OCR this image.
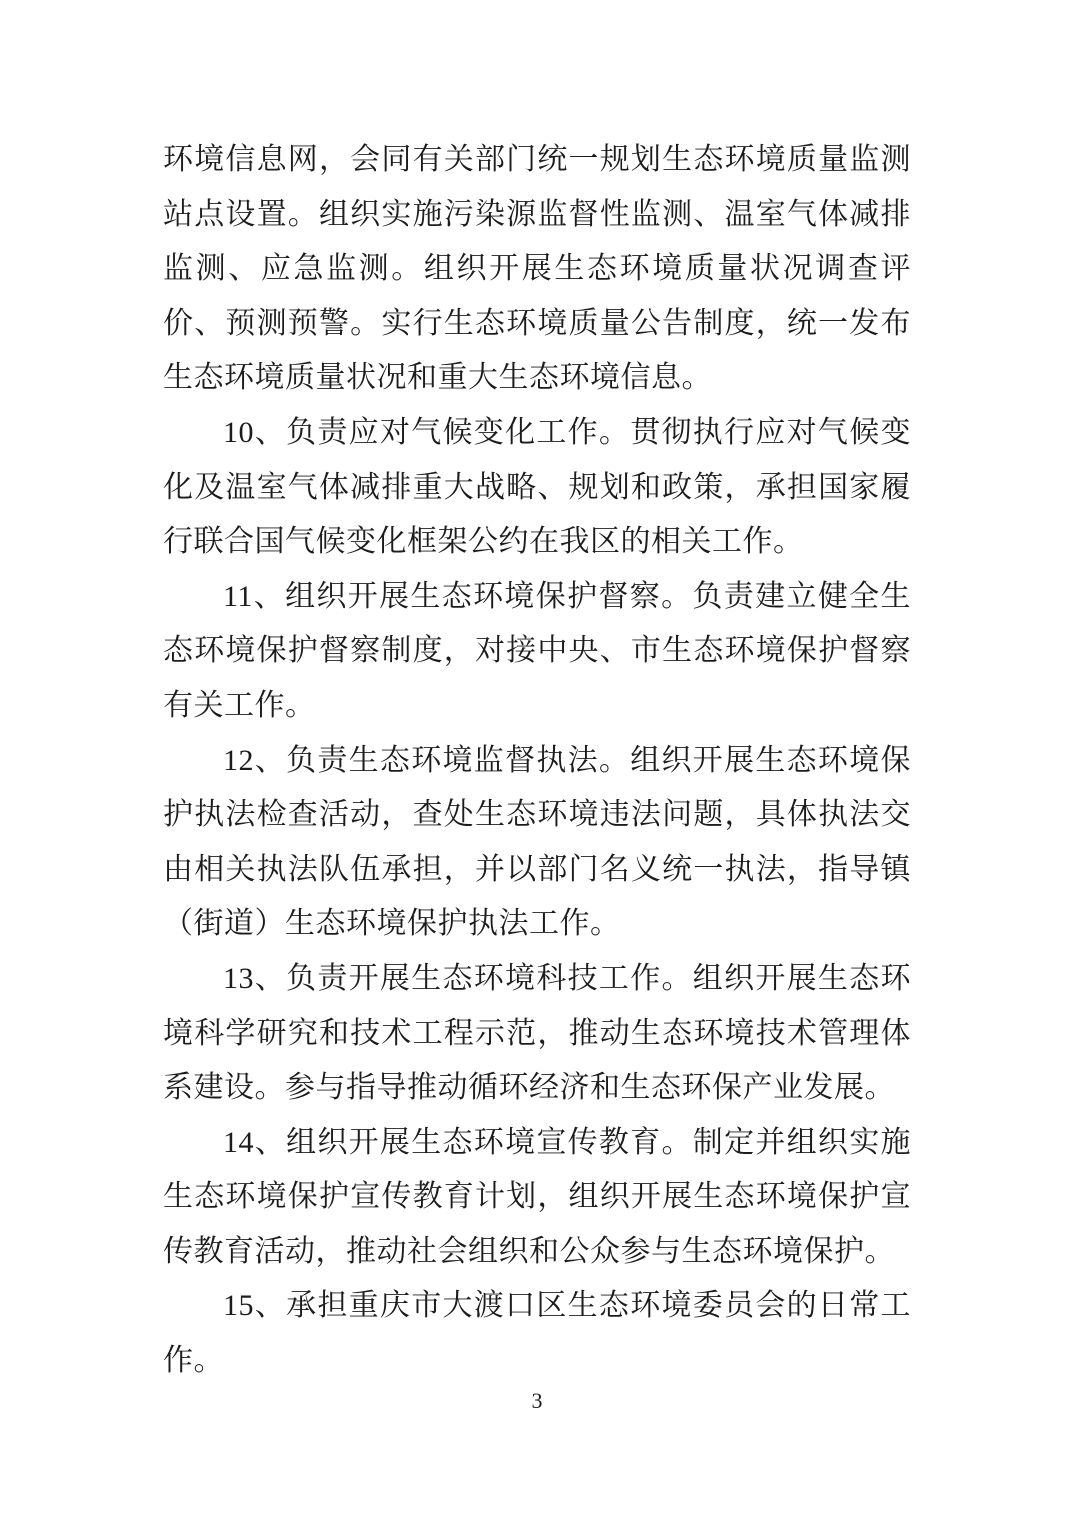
环境信息网，会同有关部门统一规划生态环境质量监测站点设置。组织实施污染源监督性监测、温室气体减排监测、应急监测。组织开展生态环境质量状况调查评价、预测预警。实行生态环境质量公告制度，统一发布生态环境质量状况和重大生态环境信息。

10、负责应对气候变化工作。贯彻执行应对气候变化及温室气体减排重大战略、规划和政策，承担国家履行联合国气候变化框架公约在我区的相关工作。

11、组织开展生态环境保护督察。负责建立健全生态环境保护督察制度，对接中央、市生态环境保护督察有关工作。

12、负责生态环境监督执法。组织开展生态环境保护执法检查活动，查处生态环境违法问题，具体执法交由相关执法队伍承担，并以部门名义统一执法，指导镇（街道）生态环境保护执法工作。

13、负责开展生态环境科技工作。组织开展生态环境科学研究和技术工程示范，推动生态环境技术管理体系建设。参与指导推动循环经济和生态环保产业发展。

14、组织开展生态环境宣传教育。制定并组织实施生态环境保护宣传教育计划，组织开展生态环境保护宣传教育活动，推动社会组织和公众参与生态环境保护。

15、承担重庆市大渡口区生态环境委员会的日常工作。

3
